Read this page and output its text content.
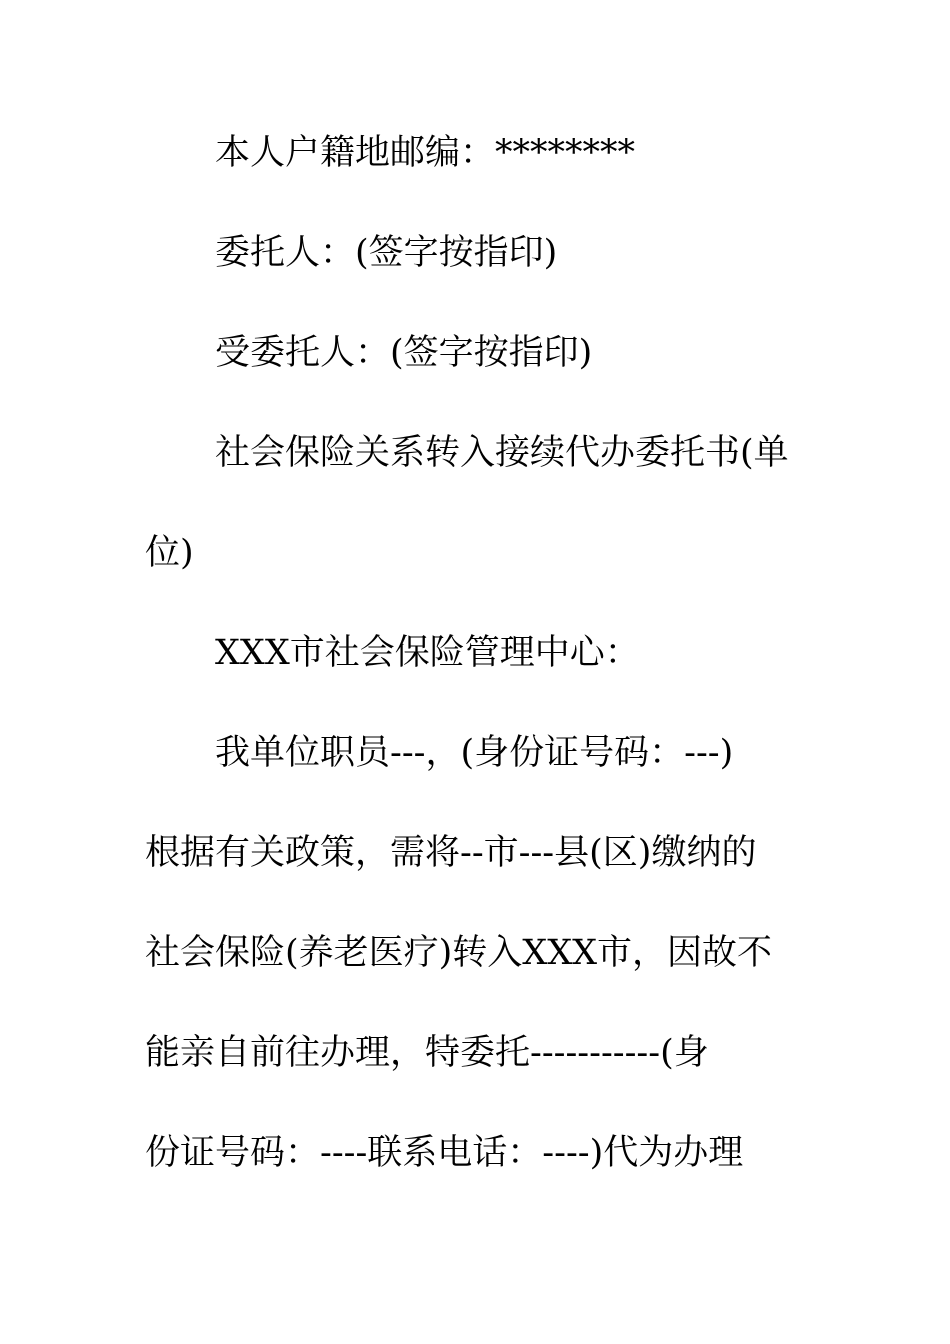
本人户籍地邮编：********
委托人：(签字按指印)
受委托人：(签字按指印)
社会保险关系转入接续代办委托书(单
位)
XXX市社会保险管理中心：
我单位职员---，(身份证号码：---)
根据有关政策，需将--市---县(区)缴纳的
社会保险(养老医疗)转入XXX市，因故不
能亲自前往办理，特委托-----------(身
份证号码：----联系电话：----)代为办理
